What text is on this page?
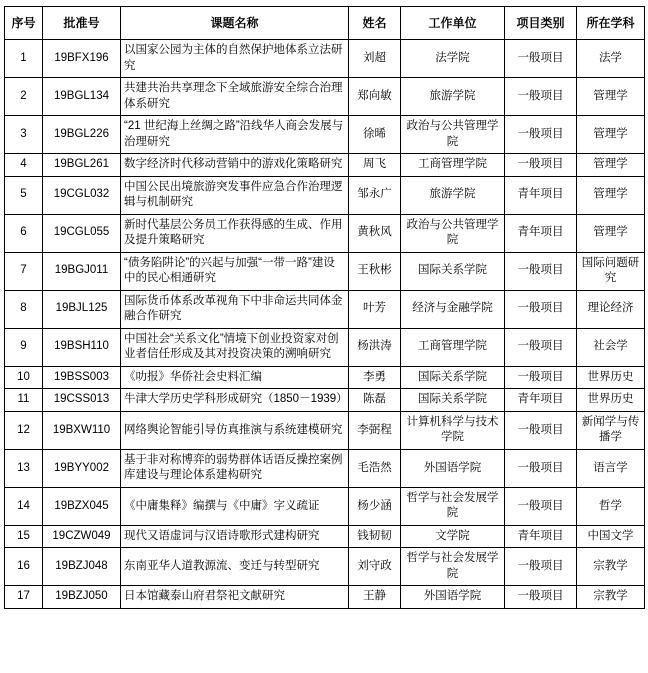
序号	批准号	课题名称	姓名	工作单位	项目类别	所在学科
1	19BFX196	以国家公园为主体的自然保护地体系立法研究	刘超	法学院	一般项目	法学
2	19BGL134	共建共治共享理念下全域旅游安全综合治理体系研究	郑向敏	旅游学院	一般项目	管理学
3	19BGL226	“21 世纪海上丝绸之路”沿线华人商会发展与治理研究	徐晞	政治与公共管理学院	一般项目	管理学
4	19BGL261	数字经济时代移动营销中的游戏化策略研究	周飞	工商管理学院	一般项目	管理学
5	19CGL032	中国公民出境旅游突发事件应急合作治理逻辑与机制研究	邹永广	旅游学院	青年项目	管理学
6	19CGL055	新时代基层公务员工作获得感的生成、作用及提升策略研究	黄秋风	政治与公共管理学院	青年项目	管理学
7	19BGJ011	“债务陷阱论”的兴起与加强“一带一路”建设中的民心相通研究	王秋彬	国际关系学院	一般项目	国际问题研究
8	19BJL125	国际货币体系改革视角下中非命运共同体金融合作研究	叶芳	经济与金融学院	一般项目	理论经济
9	19BSH110	中国社会“关系文化”情境下创业投资家对创业者信任形成及其对投资决策的溯响研究	杨洪涛	工商管理学院	一般项目	社会学
10	19BSS003	《叻报》华侨社会史料汇编	李勇	国际关系学院	一般项目	世界历史
11	19CSS013	牛津大学历史学科形成研究（1850－1939）	陈磊	国际关系学院	青年项目	世界历史
12	19BXW110	网络舆论智能引导仿真推演与系统建模研究	李弼程	计算机科学与技术学院	一般项目	新闻学与传播学
13	19BYY002	基于非对称博弈的弱势群体话语反操控案例库建设与理论体系建构研究	毛浩然	外国语学院	一般项目	语言学
14	19BZX045	《中庸集释》编撰与《中庸》字义疏证	杨少涵	哲学与社会发展学院	一般项目	哲学
15	19CZW049	现代又语虚词与汉语诗歌形式建构研究	钱韧韧	文学院	青年项目	中国文学
16	19BZJ048	东南亚华人道教源流、变迁与转型研究	刘守政	哲学与社会发展学院	一般项目	宗教学
17	19BZJ050	日本馆藏泰山府君祭祀文献研究	王静	外国语学院	一般项目	宗教学
